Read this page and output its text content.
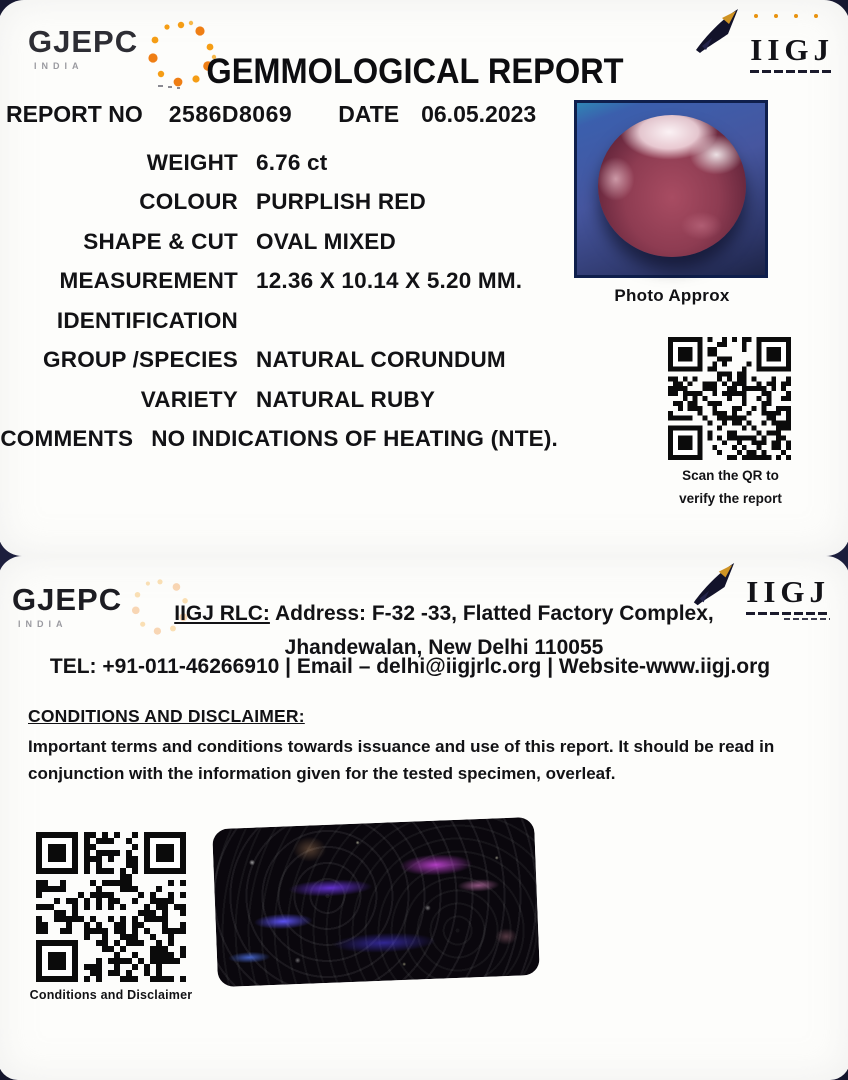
GJEPC
INDIA	IIGJ
GEMMOLOGICAL REPORT
REPORT NO 2586D8069 DATE 06.05.2023
WEIGHT 6.76 ct
COLOUR PURPLISH RED
SHAPE & CUT OVAL MIXED
MEASUREMENT 12.36 X 10.14 X 5.20 MM.
IDENTIFICATION
GROUP /SPECIES NATURAL CORUNDUM
VARIETY NATURAL RUBY
COMMENTS NO INDICATIONS OF HEATING (NTE).
Photo Approx
Scan the QR to
verify the report
GJEPC
INDIA
IIGJ
IIGJ RLC: Address: F-32 -33, Flatted Factory Complex,
Jhandewalan, New Delhi 110055
TEL: +91-011-46266910 | Email – delhi@iigjrlc.org | Website-www.iigj.org
CONDITIONS AND DISCLAIMER:
Important terms and conditions towards issuance and use of this report. It should be read in conjunction with the information given for the tested specimen, overleaf.
Conditions and Disclaimer
